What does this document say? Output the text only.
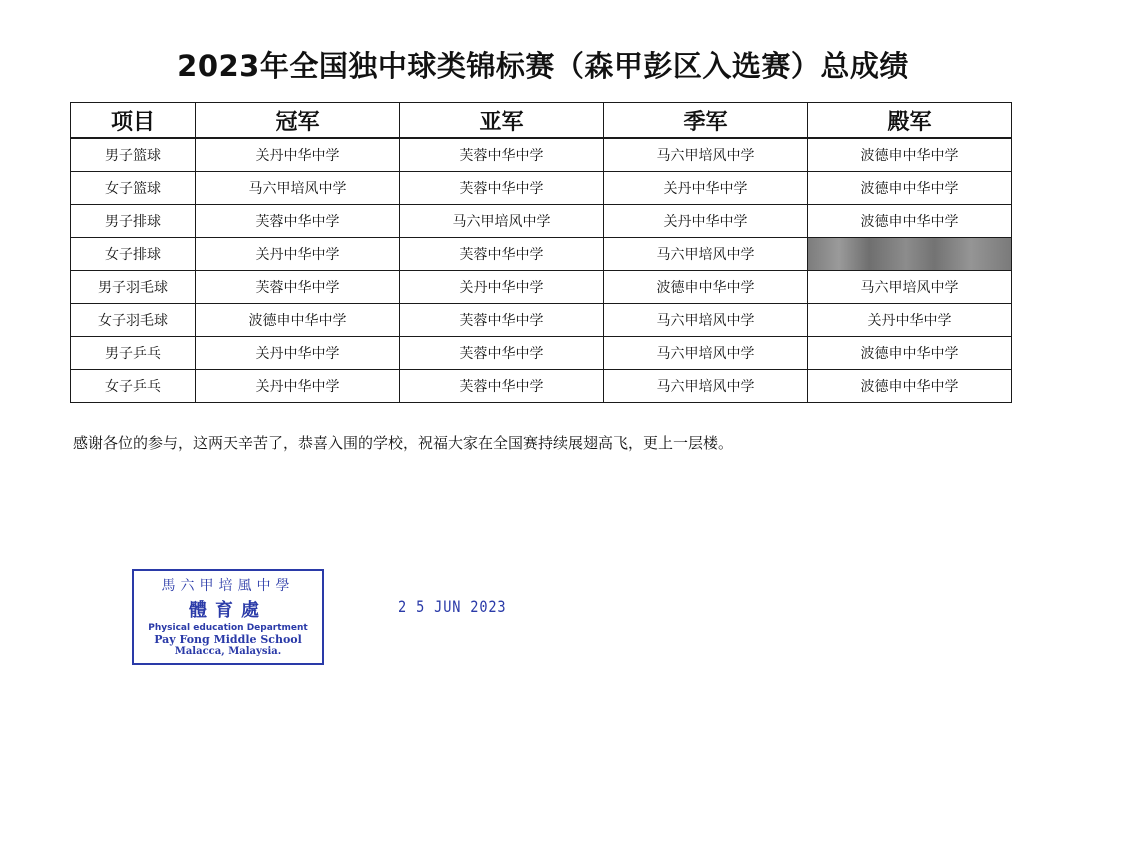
2023年全国独中球类锦标赛（森甲彭区入选赛）总成绩
项目	冠军	亚军	季军	殿军
男子篮球	关丹中华中学	芙蓉中华中学	马六甲培风中学	波德申中华中学
女子篮球	马六甲培风中学	芙蓉中华中学	关丹中华中学	波德申中华中学
男子排球	芙蓉中华中学	马六甲培风中学	关丹中华中学	波德申中华中学
女子排球	关丹中华中学	芙蓉中华中学	马六甲培风中学	
男子羽毛球	芙蓉中华中学	关丹中华中学	波德申中华中学	马六甲培风中学
女子羽毛球	波德申中华中学	芙蓉中华中学	马六甲培风中学	关丹中华中学
男子乒乓	关丹中华中学	芙蓉中华中学	马六甲培风中学	波德申中华中学
女子乒乓	关丹中华中学	芙蓉中华中学	马六甲培风中学	波德申中华中学
感谢各位的参与，这两天辛苦了，恭喜入围的学校，祝福大家在全国赛持续展翅高飞，更上一层楼。
馬六甲培風中學
體育處
Physical education Department
Pay Fong Middle School
Malacca, Malaysia.
2 5 JUN 2023
